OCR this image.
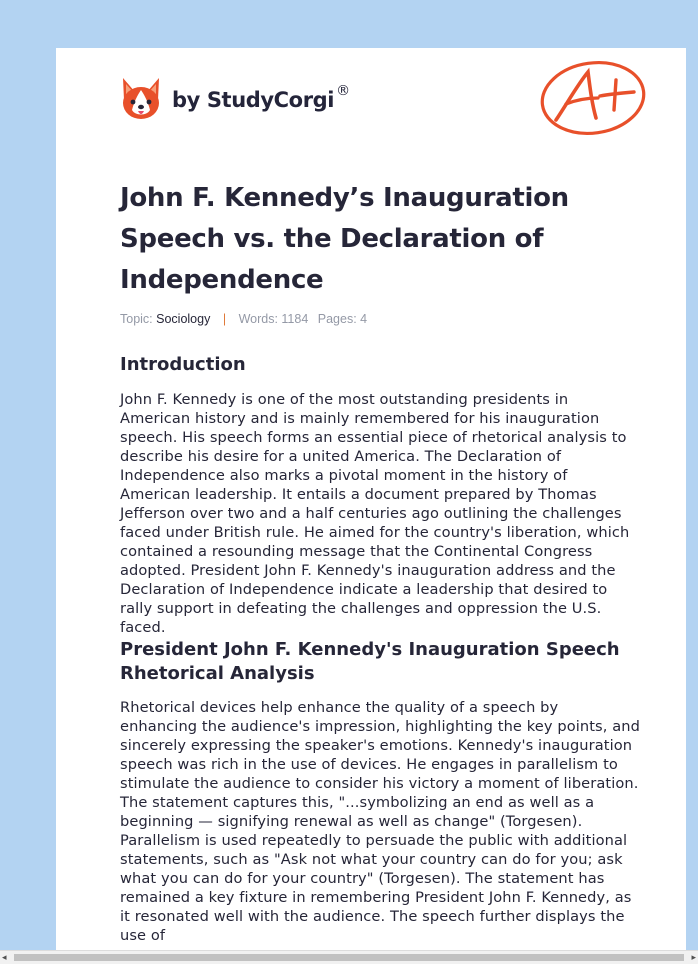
by StudyCorgi ®
John F. Kennedy’s Inauguration Speech vs. the Declaration of Independence
Topic: Sociology | Words: 1184 Pages: 4
Introduction

John F. Kennedy is one of the most outstanding presidents in American history and is mainly remembered for his inauguration speech. His speech forms an essential piece of rhetorical analysis to describe his desire for a united America. The Declaration of Independence also marks a pivotal moment in the history of American leadership. It entails a document prepared by Thomas Jefferson over two and a half centuries ago outlining the challenges faced under British rule. He aimed for the country's liberation, which contained a resounding message that the Continental Congress adopted. President John F. Kennedy's inauguration address and the Declaration of Independence indicate a leadership that desired to rally support in defeating the challenges and oppression the U.S. faced.

President John F. Kennedy's Inauguration Speech Rhetorical Analysis

Rhetorical devices help enhance the quality of a speech by enhancing the audience's impression, highlighting the key points, and sincerely expressing the speaker's emotions. Kennedy's inauguration speech was rich in the use of devices. He engages in parallelism to stimulate the audience to consider his victory a moment of liberation. The statement captures this, "...symbolizing an end as well as a beginning — signifying renewal as well as change" (Torgesen). Parallelism is used repeatedly to persuade the public with additional statements, such as "Ask not what your country can do for you; ask what you can do for your country" (Torgesen). The statement has remained a key fixture in remembering President John F. Kennedy, as it resonated well with the audience. The speech further displays the use of

◂	▸
